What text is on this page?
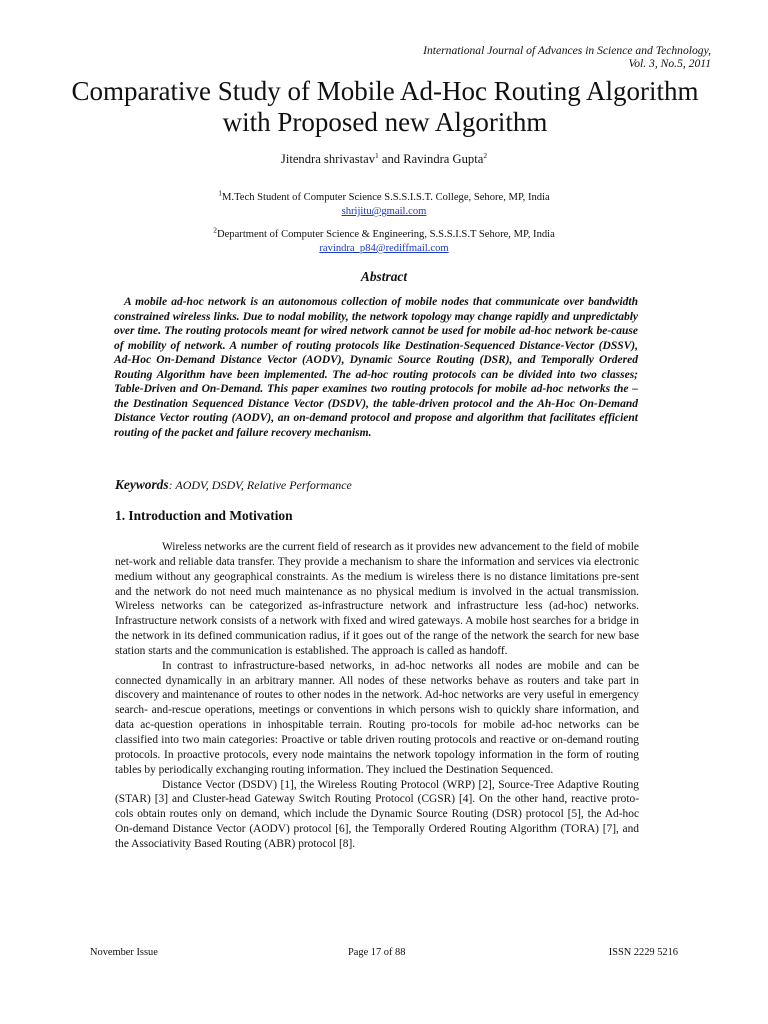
International Journal of Advances in Science and Technology,
Vol. 3, No.5, 2011
Comparative Study of Mobile Ad-Hoc Routing Algorithm
with Proposed new Algorithm
Jitendra shrivastav$^1$ and Ravindra Gupta$^2$
$^1$M.Tech Student of Computer Science S.S.S.I.S.T. College, Sehore, MP, India
shrijitu@gmail.com
$^2$Department of Computer Science & Engineering, S.S.S.I.S.T Sehore, MP, India
ravindra_p84@rediffmail.com
Abstract
A mobile ad-hoc network is an autonomous collection of mobile nodes that communicate over bandwidth constrained wireless links. Due to nodal mobility, the network topology may change rapidly and unpredictably over time. The routing protocols meant for wired network cannot be used for mobile ad-hoc network be-cause of mobility of network. A number of routing protocols like Destination-Sequenced Distance-Vector (DSSV), Ad-Hoc On-Demand Distance Vector (AODV), Dynamic Source Routing (DSR), and Temporally Ordered Routing Algorithm have been implemented. The ad-hoc routing protocols can be divided into two classes; Table-Driven and On-Demand. This paper examines two routing protocols for mobile ad-hoc networks the – the Destination Sequenced Distance Vector (DSDV), the table-driven protocol and the Ah-Hoc On-Demand Distance Vector routing (AODV), an on-demand protocol and propose and algorithm that facilitates efficient routing of the packet and failure recovery mechanism.
Keywords: AODV, DSDV, Relative Performance
1. Introduction and Motivation

Wireless networks are the current field of research as it provides new advancement to the field of mobile net-work and reliable data transfer. They provide a mechanism to share the information and services via electronic medium without any geographical constraints. As the medium is wireless there is no distance limitations pre-sent and the network do not need much maintenance as no physical medium is involved in the actual transmission. Wireless networks can be categorized as-infrastructure network and infrastructure less (ad-hoc) networks. Infrastructure network consists of a network with fixed and wired gateways. A mobile host searches for a bridge in the network in its defined communication radius, if it goes out of the range of the network the search for new base station starts and the communication is established. The approach is called as handoff.

In contrast to infrastructure-based networks, in ad-hoc networks all nodes are mobile and can be connected dynamically in an arbitrary manner. All nodes of these networks behave as routers and take part in discovery and maintenance of routes to other nodes in the network. Ad-hoc networks are very useful in emergency search- and-rescue operations, meetings or conventions in which persons wish to quickly share information, and data ac-question operations in inhospitable terrain. Routing pro-tocols for mobile ad-hoc networks can be classified into two main categories: Proactive or table driven routing protocols and reactive or on-demand routing protocols. In proactive protocols, every node maintains the network topology information in the form of routing tables by periodically exchanging routing information. They inclued the Destination Sequenced.

Distance Vector (DSDV) [1], the Wireless Routing Protocol (WRP) [2], Source-Tree Adaptive Routing (STAR) [3] and Cluster-head Gateway Switch Routing Protocol (CGSR) [4]. On the other hand, reactive proto-cols obtain routes only on demand, which include the Dynamic Source Routing (DSR) protocol [5], the Ad-hoc On-demand Distance Vector (AODV) protocol [6], the Temporally Ordered Routing Algorithm (TORA) [7], and the Associativity Based Routing (ABR) protocol [8].

November Issue	Page 17 of 88	ISSN 2229 5216
